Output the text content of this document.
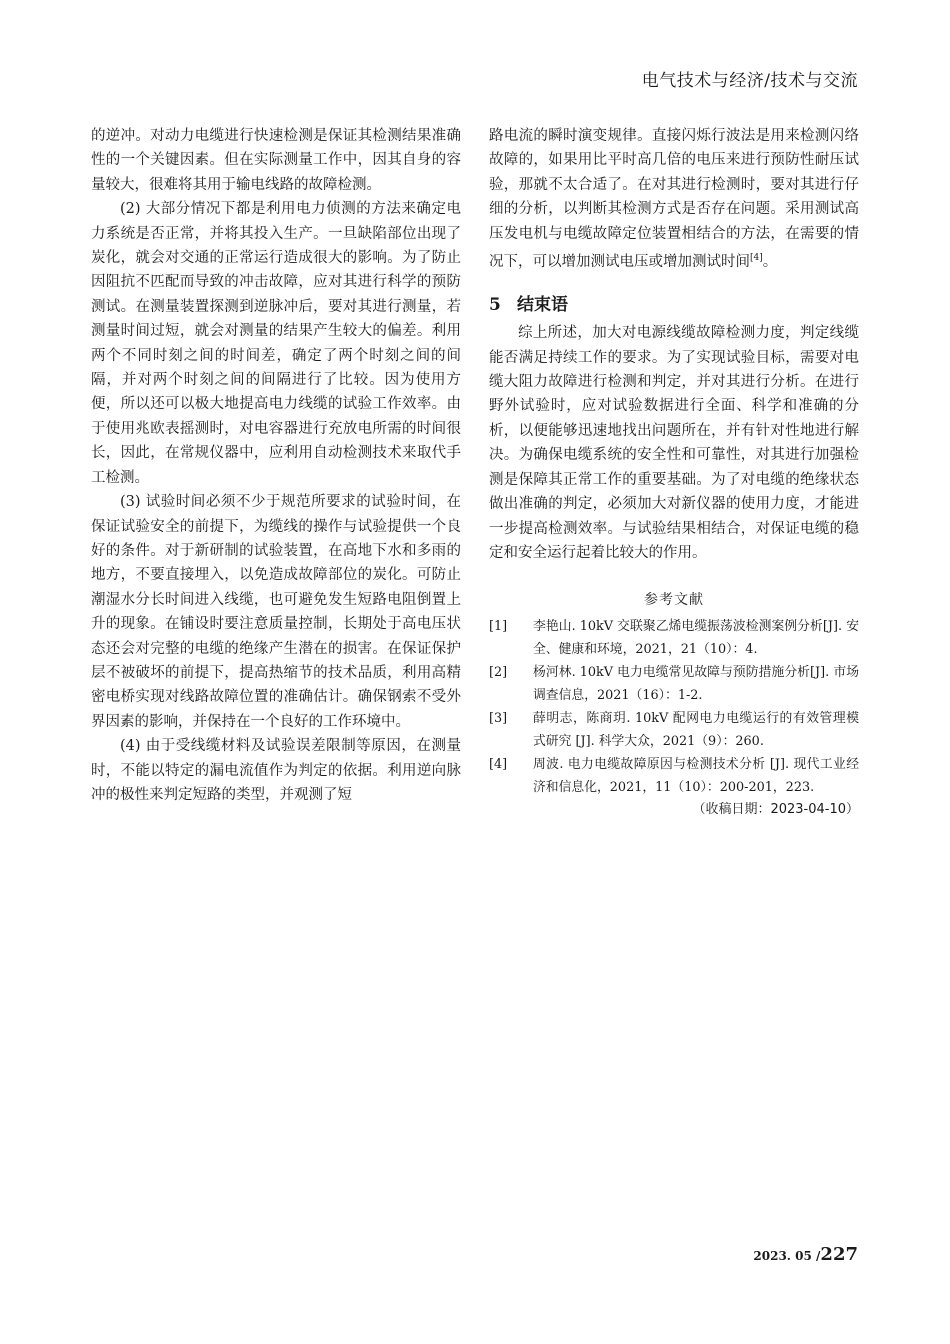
电气技术与经济/技术与交流

的逆冲。对动力电缆进行快速检测是保证其检测结果准确性的一个关键因素。但在实际测量工作中，因其自身的容量较大，很难将其用于输电线路的故障检测。

(2) 大部分情况下都是利用电力侦测的方法来确定电力系统是否正常，并将其投入生产。一旦缺陷部位出现了炭化，就会对交通的正常运行造成很大的影响。为了防止因阻抗不匹配而导致的冲击故障，应对其进行科学的预防测试。在测量装置探测到逆脉冲后，要对其进行测量，若测量时间过短，就会对测量的结果产生较大的偏差。利用两个不同时刻之间的时间差，确定了两个时刻之间的间隔，并对两个时刻之间的间隔进行了比较。因为使用方便，所以还可以极大地提高电力线缆的试验工作效率。由于使用兆欧表摇测时，对电容器进行充放电所需的时间很长，因此，在常规仪器中，应利用自动检测技术来取代手工检测。

(3) 试验时间必须不少于规范所要求的试验时间，在保证试验安全的前提下，为缆线的操作与试验提供一个良好的条件。对于新研制的试验装置，在高地下水和多雨的地方，不要直接埋入，以免造成故障部位的炭化。可防止潮湿水分长时间进入线缆，也可避免发生短路电阻倒置上升的现象。在铺设时要注意质量控制，长期处于高电压状态还会对完整的电缆的绝缘产生潜在的损害。在保证保护层不被破坏的前提下，提高热缩节的技术品质，利用高精密电桥实现对线路故障位置的准确估计。确保钢索不受外界因素的影响，并保持在一个良好的工作环境中。

(4) 由于受线缆材料及试验误差限制等原因，在测量时，不能以特定的漏电流值作为判定的依据。利用逆向脉冲的极性来判定短路的类型，并观测了短

路电流的瞬时演变规律。直接闪烁行波法是用来检测闪络故障的，如果用比平时高几倍的电压来进行预防性耐压试验，那就不太合适了。在对其进行检测时，要对其进行仔细的分析，以判断其检测方式是否存在问题。采用测试高压发电机与电缆故障定位装置相结合的方法，在需要的情况下，可以增加测试电压或增加测试时间[4]。

5 结束语

综上所述，加大对电源线缆故障检测力度，判定线缆能否满足持续工作的要求。为了实现试验目标，需要对电缆大阻力故障进行检测和判定，并对其进行分析。在进行野外试验时，应对试验数据进行全面、科学和准确的分析，以便能够迅速地找出问题所在，并有针对性地进行解决。为确保电缆系统的安全性和可靠性，对其进行加强检测是保障其正常工作的重要基础。为了对电缆的绝缘状态做出准确的判定，必须加大对新仪器的使用力度，才能进一步提高检测效率。与试验结果相结合，对保证电缆的稳定和安全运行起着比较大的作用。

参考文献
[1]	李艳山. 10kV 交联聚乙烯电缆振荡波检测案例分析[J]. 安全、健康和环境，2021，21（10）：4.
[2]	杨河林. 10kV 电力电缆常见故障与预防措施分析[J]. 市场调查信息，2021（16）：1-2.
[3]	薛明志，陈商玥. 10kV 配网电力电缆运行的有效管理模式研究 [J]. 科学大众，2021（9）：260.
[4]	周波. 电力电缆故障原因与检测技术分析 [J]. 现代工业经济和信息化，2021，11（10）：200-201，223.
（收稿日期：2023-04-10）
2023. 05 /227
